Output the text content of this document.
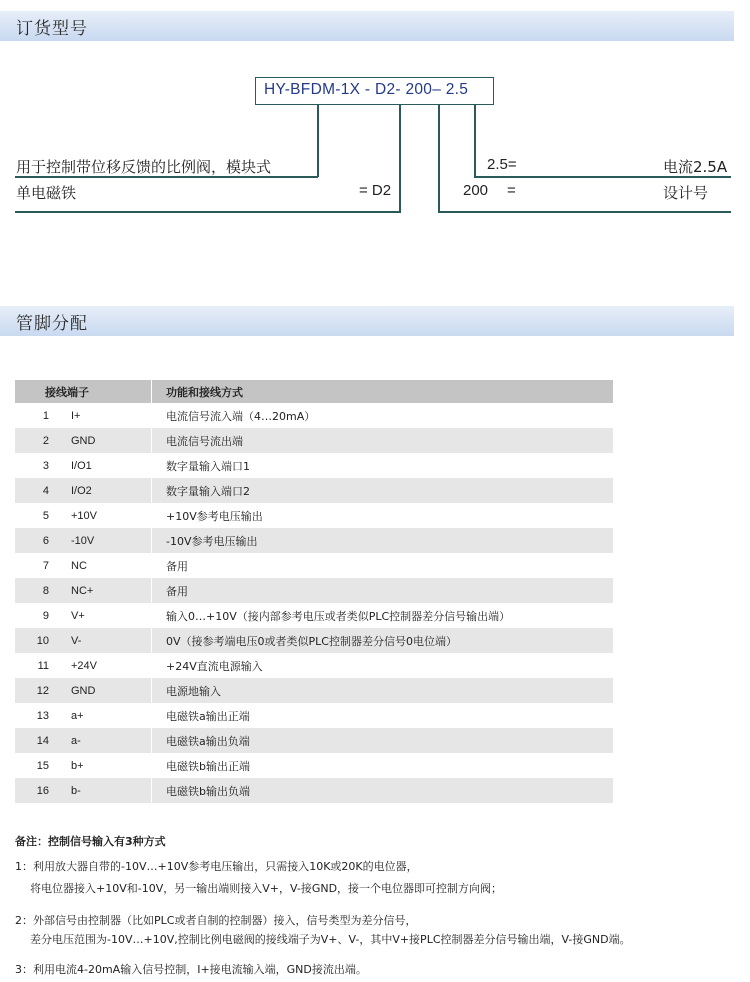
订货型号
HY-BFDM-1X - D2- 200– 2.5
用于控制带位移反馈的比例阀，模块式
单电磁铁	= D2
2.5=	电流2.5A
200 =	设计号
管脚分配
接线端子	功能和接线方式
1 I+	电流信号流入端（4…20mA）
2 GND	电流信号流出端
3 I/O1	数字量输入端口1
4 I/O2	数字量输入端口2
5 +10V	+10V参考电压输出
6 -10V	-10V参考电压输出
7 NC	备用
8 NC+	备用
9 V+	输入0…+10V（接内部参考电压或者类似PLC控制器差分信号输出端）
10 V-	0V（接参考端电压0或者类似PLC控制器差分信号0电位端）
11 +24V	+24V直流电源输入
12 GND	电源地输入
13 a+	电磁铁a输出正端
14 a-	电磁铁a输出负端
15 b+	电磁铁b输出正端
16 b-	电磁铁b输出负端
备注：控制信号输入有3种方式
1：利用放大器自带的-10V…+10V参考电压输出，只需接入10K或20K的电位器，
将电位器接入+10V和-10V，另一输出端则接入V+，V-接GND，接一个电位器即可控制方向阀；
2：外部信号由控制器（比如PLC或者自制的控制器）接入，信号类型为差分信号，
差分电压范围为-10V…+10V,控制比例电磁阀的接线端子为V+、V-，其中V+接PLC控制器差分信号输出端，V-接GND端。
3：利用电流4-20mA输入信号控制，I+接电流输入端，GND接流出端。
